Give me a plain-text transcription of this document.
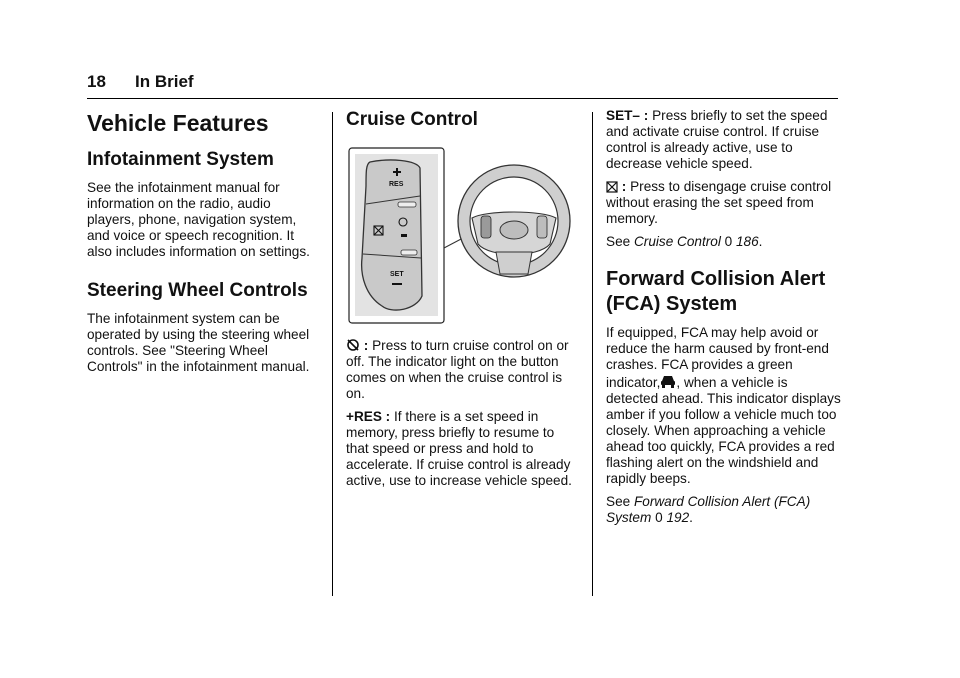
18 In Brief
Vehicle Features
Infotainment System

See the infotainment manual for information on the radio, audio players, phone, navigation system, and voice or speech recognition. It also includes information on settings.

Steering Wheel Controls

The infotainment system can be operated by using the steering wheel controls. See "Steering Wheel Controls" in the infotainment manual.

Cruise Control
RES
SET

: Press to turn cruise control on or off. The indicator light on the button comes on when the cruise control is on.

+RES : If there is a set speed in memory, press briefly to resume to that speed or press and hold to accelerate. If cruise control is already active, use to increase vehicle speed.

SET– : Press briefly to set the speed and activate cruise control. If cruise control is already active, use to decrease vehicle speed.

: Press to disengage cruise control without erasing the set speed from memory.

See Cruise Control 0 186.

Forward Collision Alert (FCA) System

If equipped, FCA may help avoid or reduce the harm caused by front-end crashes. FCA provides a green indicator, , when a vehicle is detected ahead. This indicator displays amber if you follow a vehicle much too closely. When approaching a vehicle ahead too quickly, FCA provides a red flashing alert on the windshield and rapidly beeps.

See Forward Collision Alert (FCA) System 0 192.
